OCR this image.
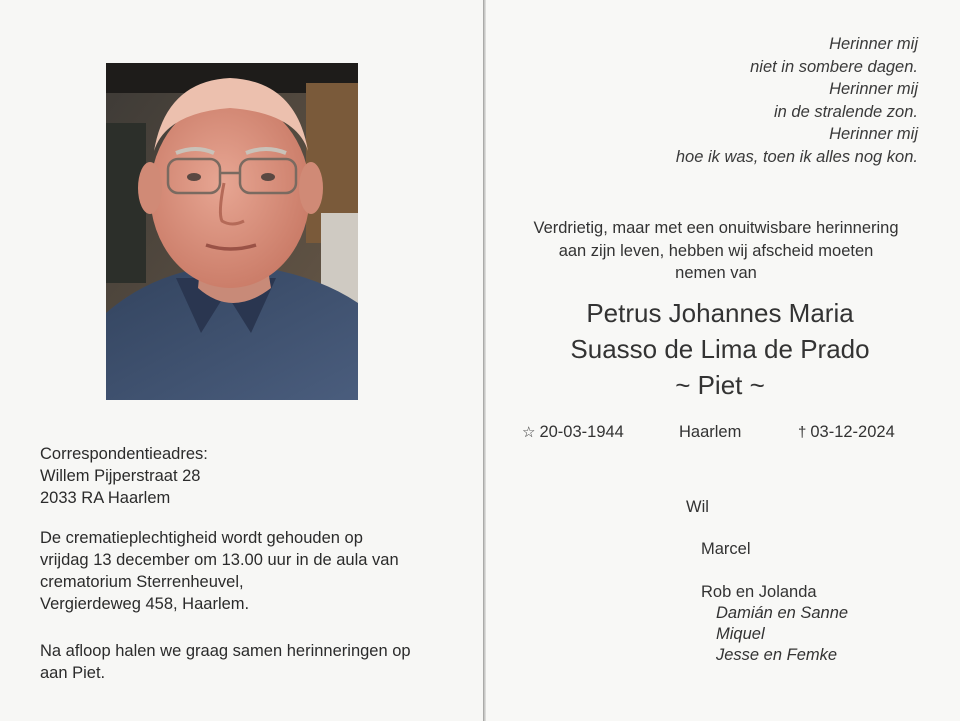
Correspondentieadres:
Willem Pijperstraat 28
2033 RA Haarlem
De crematieplechtigheid wordt gehouden op
vrijdag 13 december om 13.00 uur in de aula van
crematorium Sterrenheuvel,
Vergierdeweg 458, Haarlem.
Na afloop halen we graag samen herinneringen op
aan Piet.
Herinner mij
niet in sombere dagen.
Herinner mij
in de stralende zon.
Herinner mij
hoe ik was, toen ik alles nog kon.
Verdrietig, maar met een onuitwisbare herinnering
aan zijn leven, hebben wij afscheid moeten
nemen van
Petrus Johannes Maria
Suasso de Lima de Prado
~ Piet ~
☆ 20-03-1944	Haarlem	† 03-12-2024
Wil
Marcel
Rob en Jolanda
Damián en Sanne
Miquel
Jesse en Femke
